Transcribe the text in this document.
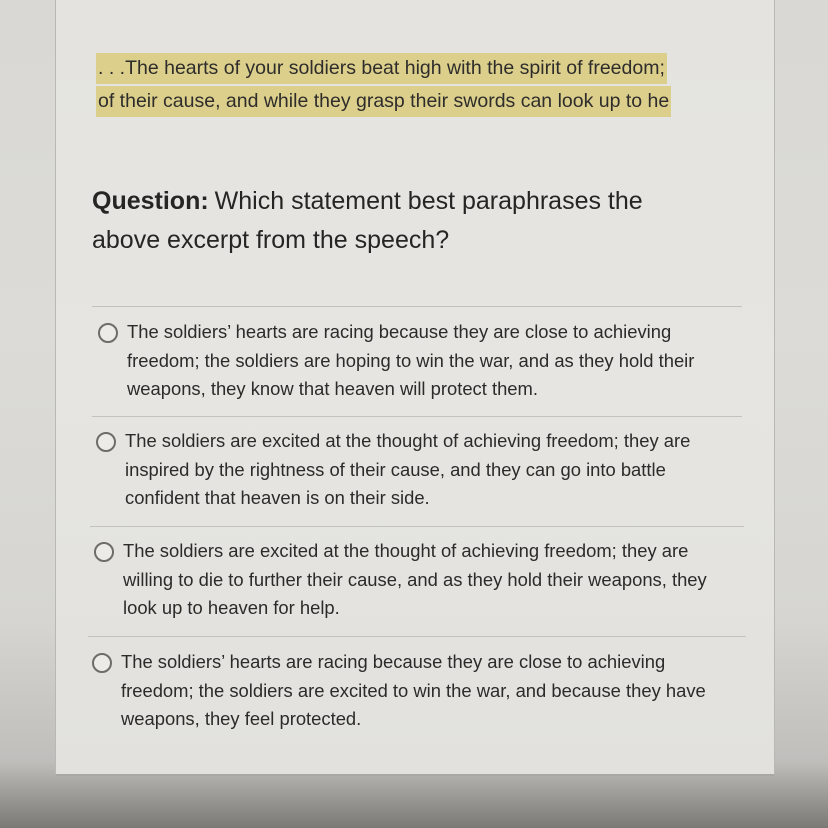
. . .The hearts of your soldiers beat high with the spirit of freedom;
of their cause, and while they grasp their swords can look up to he
Question: Which statement best paraphrases the above excerpt from the speech?
The soldiers’ hearts are racing because they are close to achieving freedom; the soldiers are hoping to win the war, and as they hold their weapons, they know that heaven will protect them.
The soldiers are excited at the thought of achieving freedom; they are inspired by the rightness of their cause, and they can go into battle confident that heaven is on their side.
The soldiers are excited at the thought of achieving freedom; they are willing to die to further their cause, and as they hold their weapons, they look up to heaven for help.
The soldiers’ hearts are racing because they are close to achieving freedom; the soldiers are excited to win the war, and because they have weapons, they feel protected.
